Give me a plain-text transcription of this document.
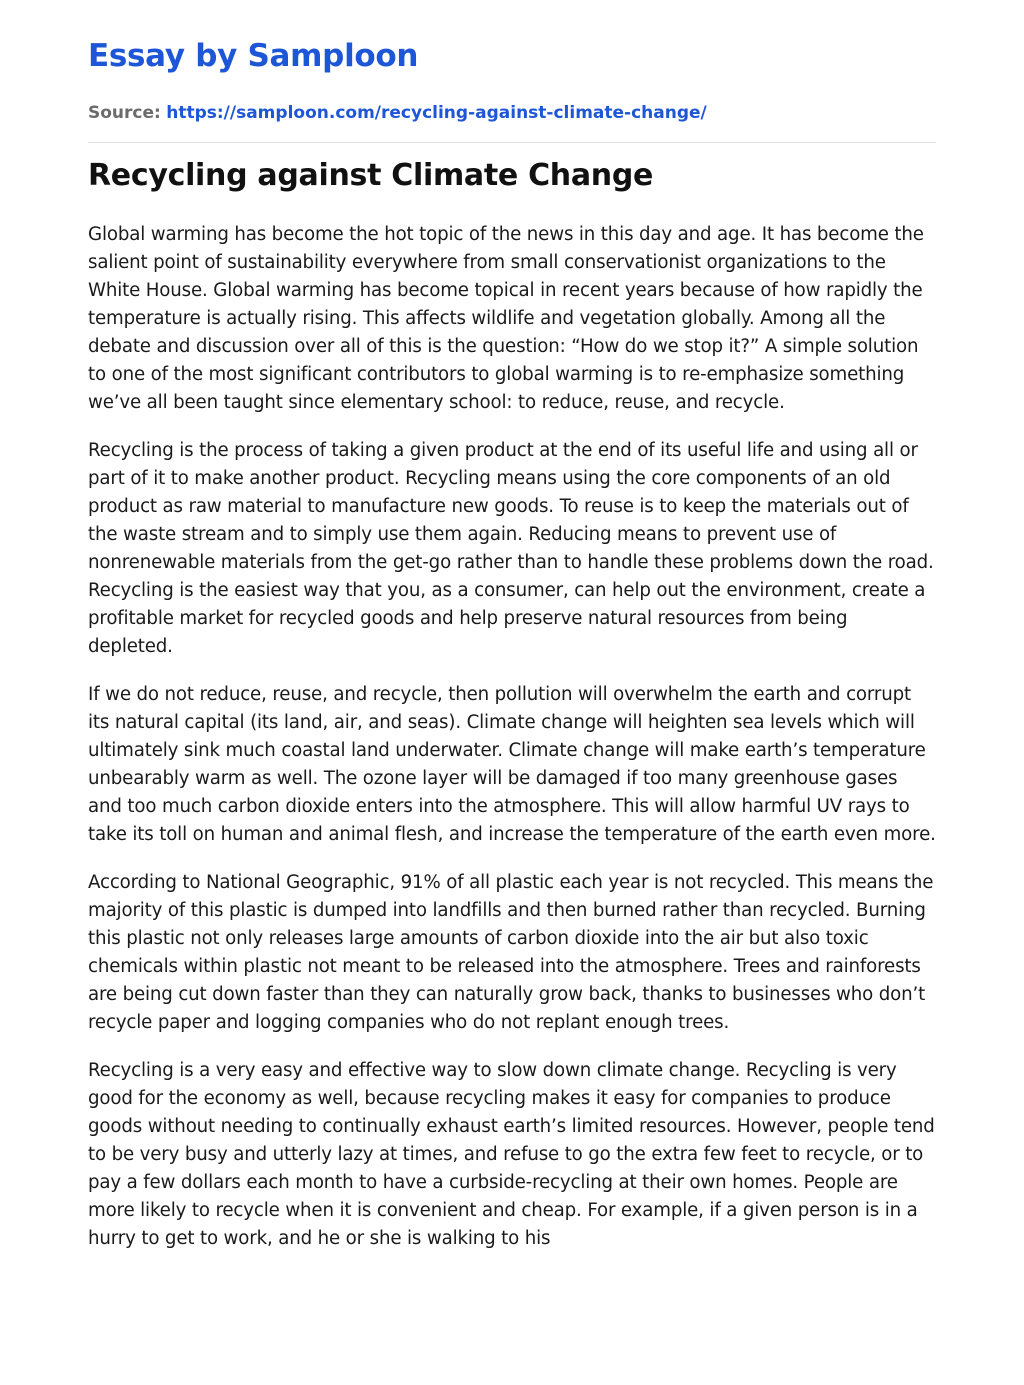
Essay by Samploon
Source: https://samploon.com/recycling-against-climate-change/
Recycling against Climate Change

Global warming has become the hot topic of the news in this day and age. It has become the salient point of sustainability everywhere from small conservationist organizations to the White House. Global warming has become topical in recent years because of how rapidly the temperature is actually rising. This affects wildlife and vegetation globally. Among all the debate and discussion over all of this is the question: “How do we stop it?” A simple solution to one of the most significant contributors to global warming is to re-emphasize something we’ve all been taught since elementary school: to reduce, reuse, and recycle.

Recycling is the process of taking a given product at the end of its useful life and using all or part of it to make another product. Recycling means using the core components of an old product as raw material to manufacture new goods. To reuse is to keep the materials out of the waste stream and to simply use them again. Reducing means to prevent use of nonrenewable materials from the get-go rather than to handle these problems down the road. Recycling is the easiest way that you, as a consumer, can help out the environment, create a profitable market for recycled goods and help preserve natural resources from being depleted.

If we do not reduce, reuse, and recycle, then pollution will overwhelm the earth and corrupt its natural capital (its land, air, and seas). Climate change will heighten sea levels which will ultimately sink much coastal land underwater. Climate change will make earth’s temperature unbearably warm as well. The ozone layer will be damaged if too many greenhouse gases and too much carbon dioxide enters into the atmosphere. This will allow harmful UV rays to take its toll on human and animal flesh, and increase the temperature of the earth even more.

According to National Geographic, 91% of all plastic each year is not recycled. This means the majority of this plastic is dumped into landfills and then burned rather than recycled. Burning this plastic not only releases large amounts of carbon dioxide into the air but also toxic chemicals within plastic not meant to be released into the atmosphere. Trees and rainforests are being cut down faster than they can naturally grow back, thanks to businesses who don’t recycle paper and logging companies who do not replant enough trees.

Recycling is a very easy and effective way to slow down climate change. Recycling is very good for the economy as well, because recycling makes it easy for companies to produce goods without needing to continually exhaust earth’s limited resources. However, people tend to be very busy and utterly lazy at times, and refuse to go the extra few feet to recycle, or to pay a few dollars each month to have a curbside-recycling at their own homes. People are more likely to recycle when it is convenient and cheap. For example, if a given person is in a hurry to get to work, and he or she is walking to his
